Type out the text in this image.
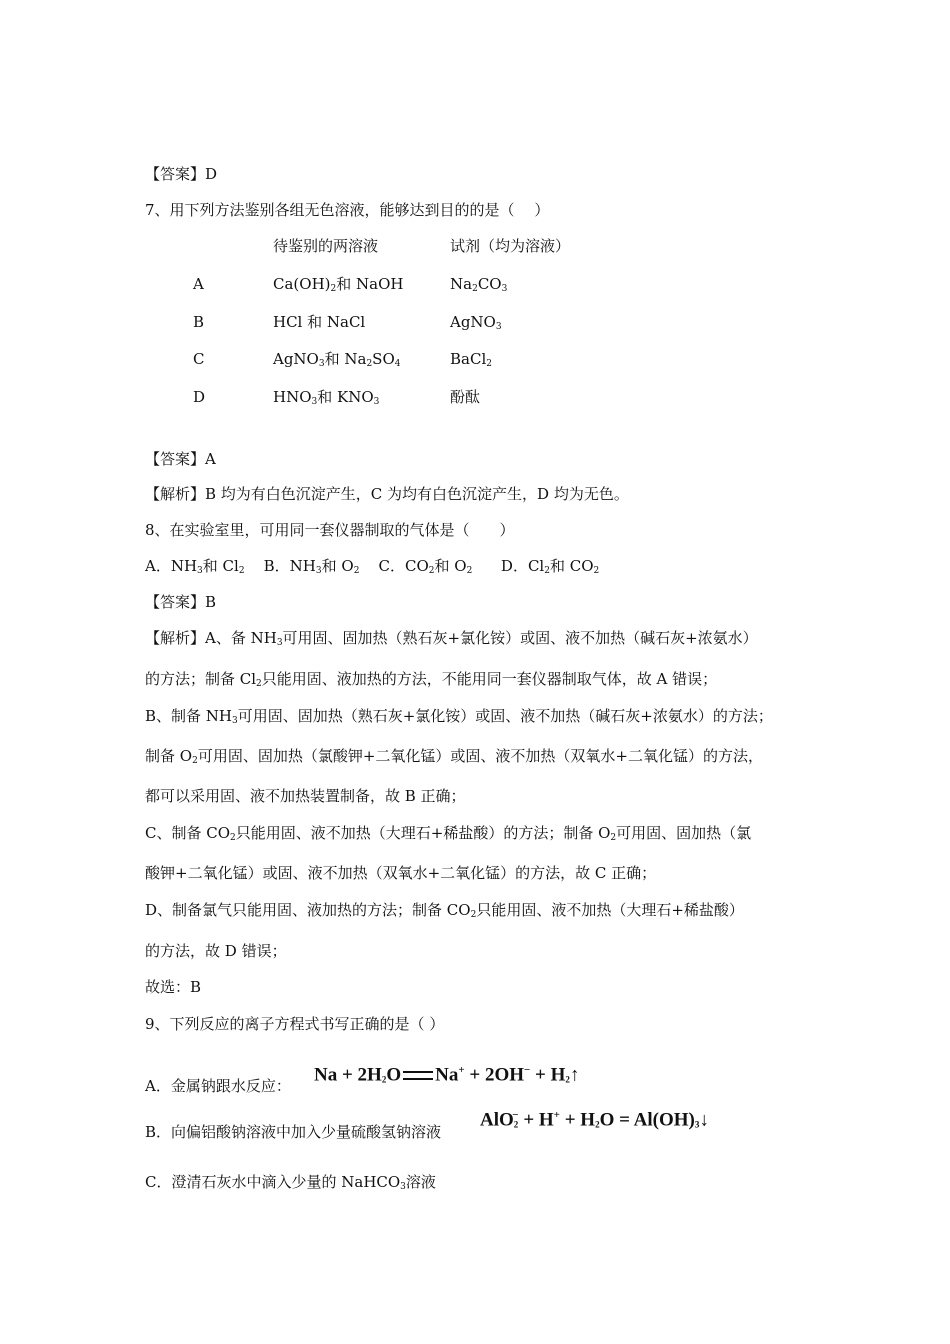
【答案】D
7、用下列方法鉴别各组无色溶液，能够达到目的的是（　 ）
待鉴别的两溶液	试剂（均为溶液）
A	$Ca(OH)_2$和 NaOH	$Na_2CO_3$
B	HCl 和 NaCl	AgNO$_3$
C	AgNO$_3$和 $Na_2SO_4$	BaCl$_2$
D	$HNO_3$和 $KNO_3$	酚酞
【答案】A
【解析】B 均为有白色沉淀产生，C 为均有白色沉淀产生，D 均为无色。
8、在实验室里，可用同一套仪器制取的气体是（　　）
A．$NH_3$和 $Cl_2$ B．$NH_3$和 $O_2$ C．$CO_2$和 $O_2$ D．$Cl_2$和 $CO_2$
【答案】B
【解析】A、备 $NH_3$可用固、固加热（熟石灰+氯化铵）或固、液不加热（碱石灰+浓氨水）
的方法；制备 $Cl_2$只能用固、液加热的方法，不能用同一套仪器制取气体，故 A 错误；
B、制备 $NH_3$可用固、固加热（熟石灰+氯化铵）或固、液不加热（碱石灰+浓氨水）的方法；
制备 $O_2$可用固、固加热（氯酸钾+二氧化锰）或固、液不加热（双氧水+二氧化锰）的方法，
都可以采用固、液不加热装置制备，故 B 正确；
C、制备 $CO_2$只能用固、液不加热（大理石+稀盐酸）的方法；制备 $O_2$可用固、固加热（氯
酸钾+二氧化锰）或固、液不加热（双氧水+二氧化锰）的方法，故 C 正确；
D、制备氯气只能用固、液加热的方法；制备 $CO_2$只能用固、液不加热（大理石+稀盐酸）
的方法，故 D 错误；
故选：B
9、下列反应的离子方程式书写正确的是（ ）
A．金属钠跟水反应：
$Na + 2H_2O$ $Na^+ + 2OH^- + H_2↑$
B．向偏铝酸钠溶液中加入少量硫酸氢钠溶液
$AlO_2^- + H^+ + H_2O$ = $Al(OH)_3↓$
C．澄清石灰水中滴入少量的 NaHCO$_3$溶液
